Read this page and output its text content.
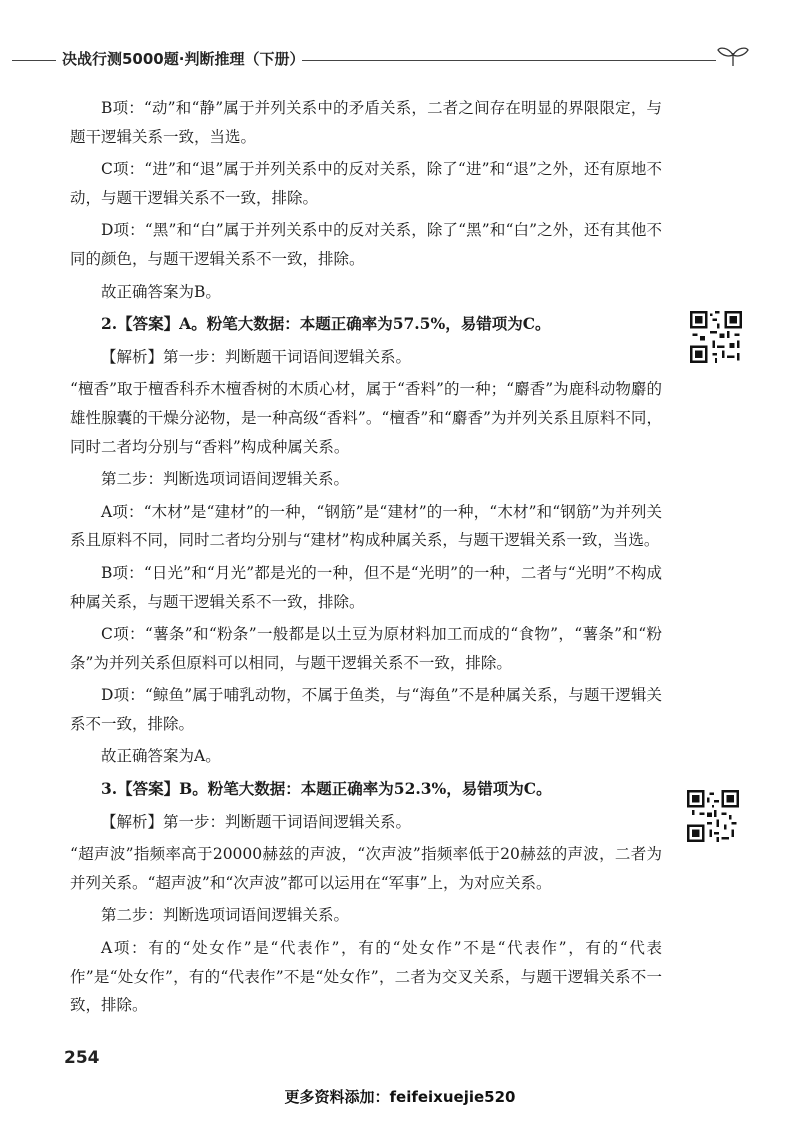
决战行测5000题·判断推理（下册）

B项：“动”和“静”属于并列关系中的矛盾关系，二者之间存在明显的界限限定，与题干逻辑关系一致，当选。

C项：“进”和“退”属于并列关系中的反对关系，除了“进”和“退”之外，还有原地不动，与题干逻辑关系不一致，排除。

D项：“黑”和“白”属于并列关系中的反对关系，除了“黑”和“白”之外，还有其他不同的颜色，与题干逻辑关系不一致，排除。

故正确答案为B。

2.【答案】A。粉笔大数据：本题正确率为57.5%，易错项为C。

【解析】第一步：判断题干词语间逻辑关系。

“檀香”取于檀香科乔木檀香树的木质心材，属于“香料”的一种；“麝香”为鹿科动物麝的雄性腺囊的干燥分泌物，是一种高级“香料”。“檀香”和“麝香”为并列关系且原料不同，同时二者均分别与“香料”构成种属关系。

第二步：判断选项词语间逻辑关系。

A项：“木材”是“建材”的一种，“钢筋”是“建材”的一种，“木材”和“钢筋”为并列关系且原料不同，同时二者均分别与“建材”构成种属关系，与题干逻辑关系一致，当选。

B项：“日光”和“月光”都是光的一种，但不是“光明”的一种，二者与“光明”不构成种属关系，与题干逻辑关系不一致，排除。

C项：“薯条”和“粉条”一般都是以土豆为原材料加工而成的“食物”，“薯条”和“粉条”为并列关系但原料可以相同，与题干逻辑关系不一致，排除。

D项：“鲸鱼”属于哺乳动物，不属于鱼类，与“海鱼”不是种属关系，与题干逻辑关系不一致，排除。

故正确答案为A。

3.【答案】B。粉笔大数据：本题正确率为52.3%，易错项为C。

【解析】第一步：判断题干词语间逻辑关系。

“超声波”指频率高于20000赫兹的声波，“次声波”指频率低于20赫兹的声波，二者为并列关系。“超声波”和“次声波”都可以运用在“军事”上，为对应关系。

第二步：判断选项词语间逻辑关系。

A项：有的“处女作”是“代表作”，有的“处女作”不是“代表作”，有的“代表作”是“处女作”，有的“代表作”不是“处女作”，二者为交叉关系，与题干逻辑关系不一致，排除。

254
更多资料添加：feifeixuejie520
